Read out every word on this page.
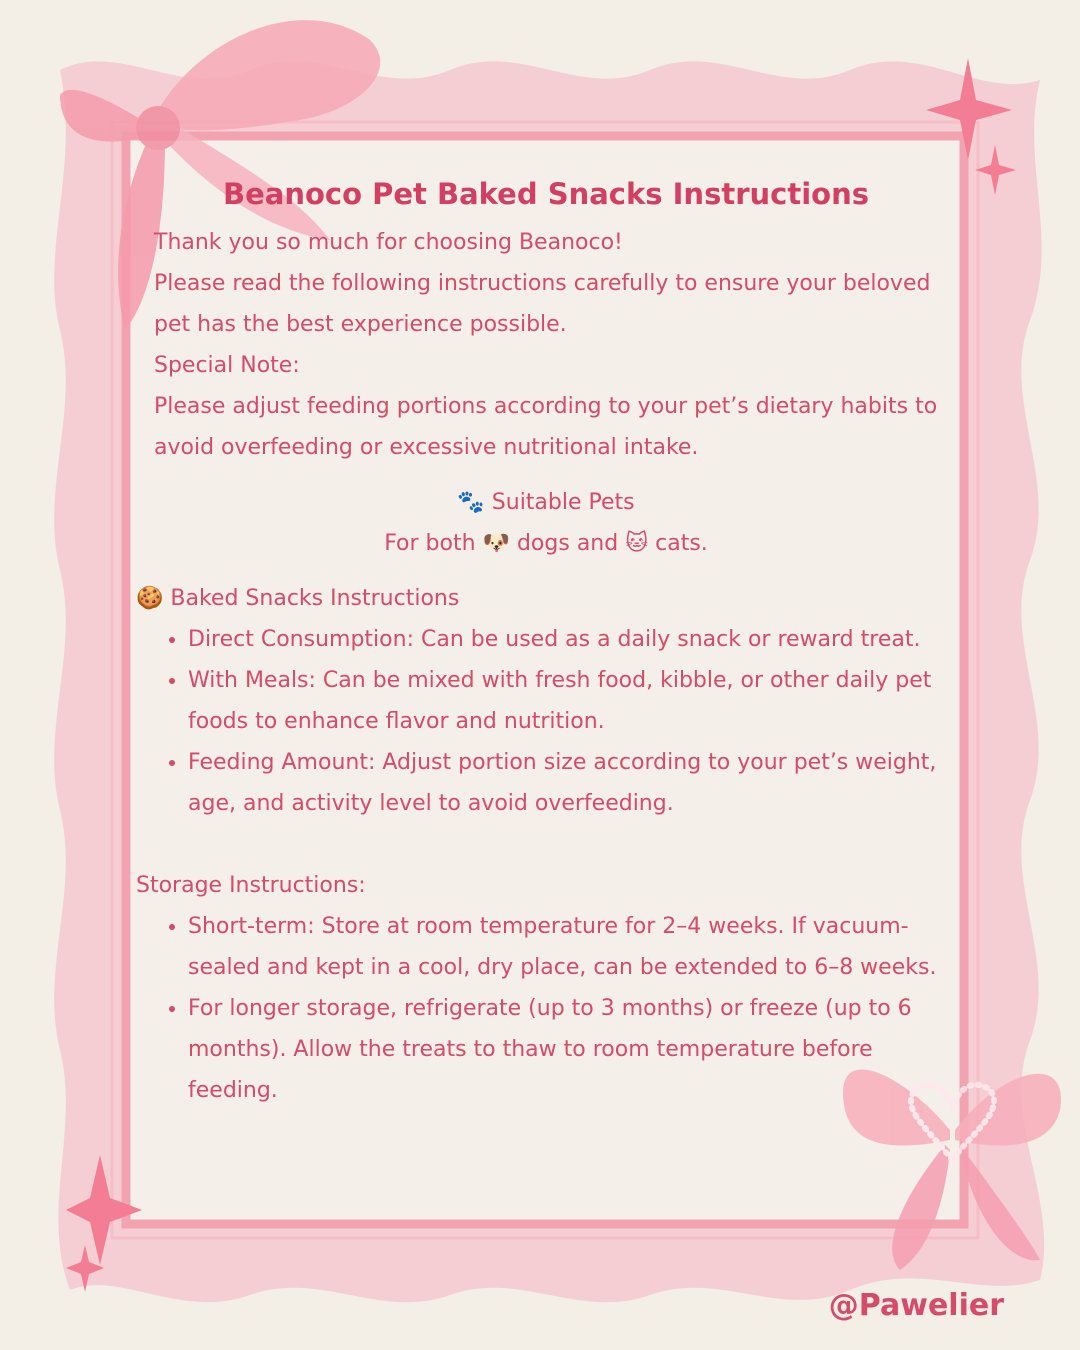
Beanoco Pet Baked Snacks Instructions

Thank you so much for choosing Beanoco!

Please read the following instructions carefully to ensure your beloved pet has the best experience possible.

Special Note:

Please adjust feeding portions according to your pet’s dietary habits to avoid overfeeding or excessive nutritional intake.

🐾 Suitable Pets
For both 🐶 dogs and 🐱 cats.
🍪 Baked Snacks Instructions
• Direct Consumption: Can be used as a daily snack or reward treat.
• With Meals: Can be mixed with fresh food, kibble, or other daily pet foods to enhance flavor and nutrition.
• Feeding Amount: Adjust portion size according to your pet’s weight, age, and activity level to avoid overfeeding.
Storage Instructions:
• Short-term: Store at room temperature for 2–4 weeks. If vacuum-sealed and kept in a cool, dry place, can be extended to 6–8 weeks.
• For longer storage, refrigerate (up to 3 months) or freeze (up to 6 months). Allow the treats to thaw to room temperature before feeding.
@Pawelier
